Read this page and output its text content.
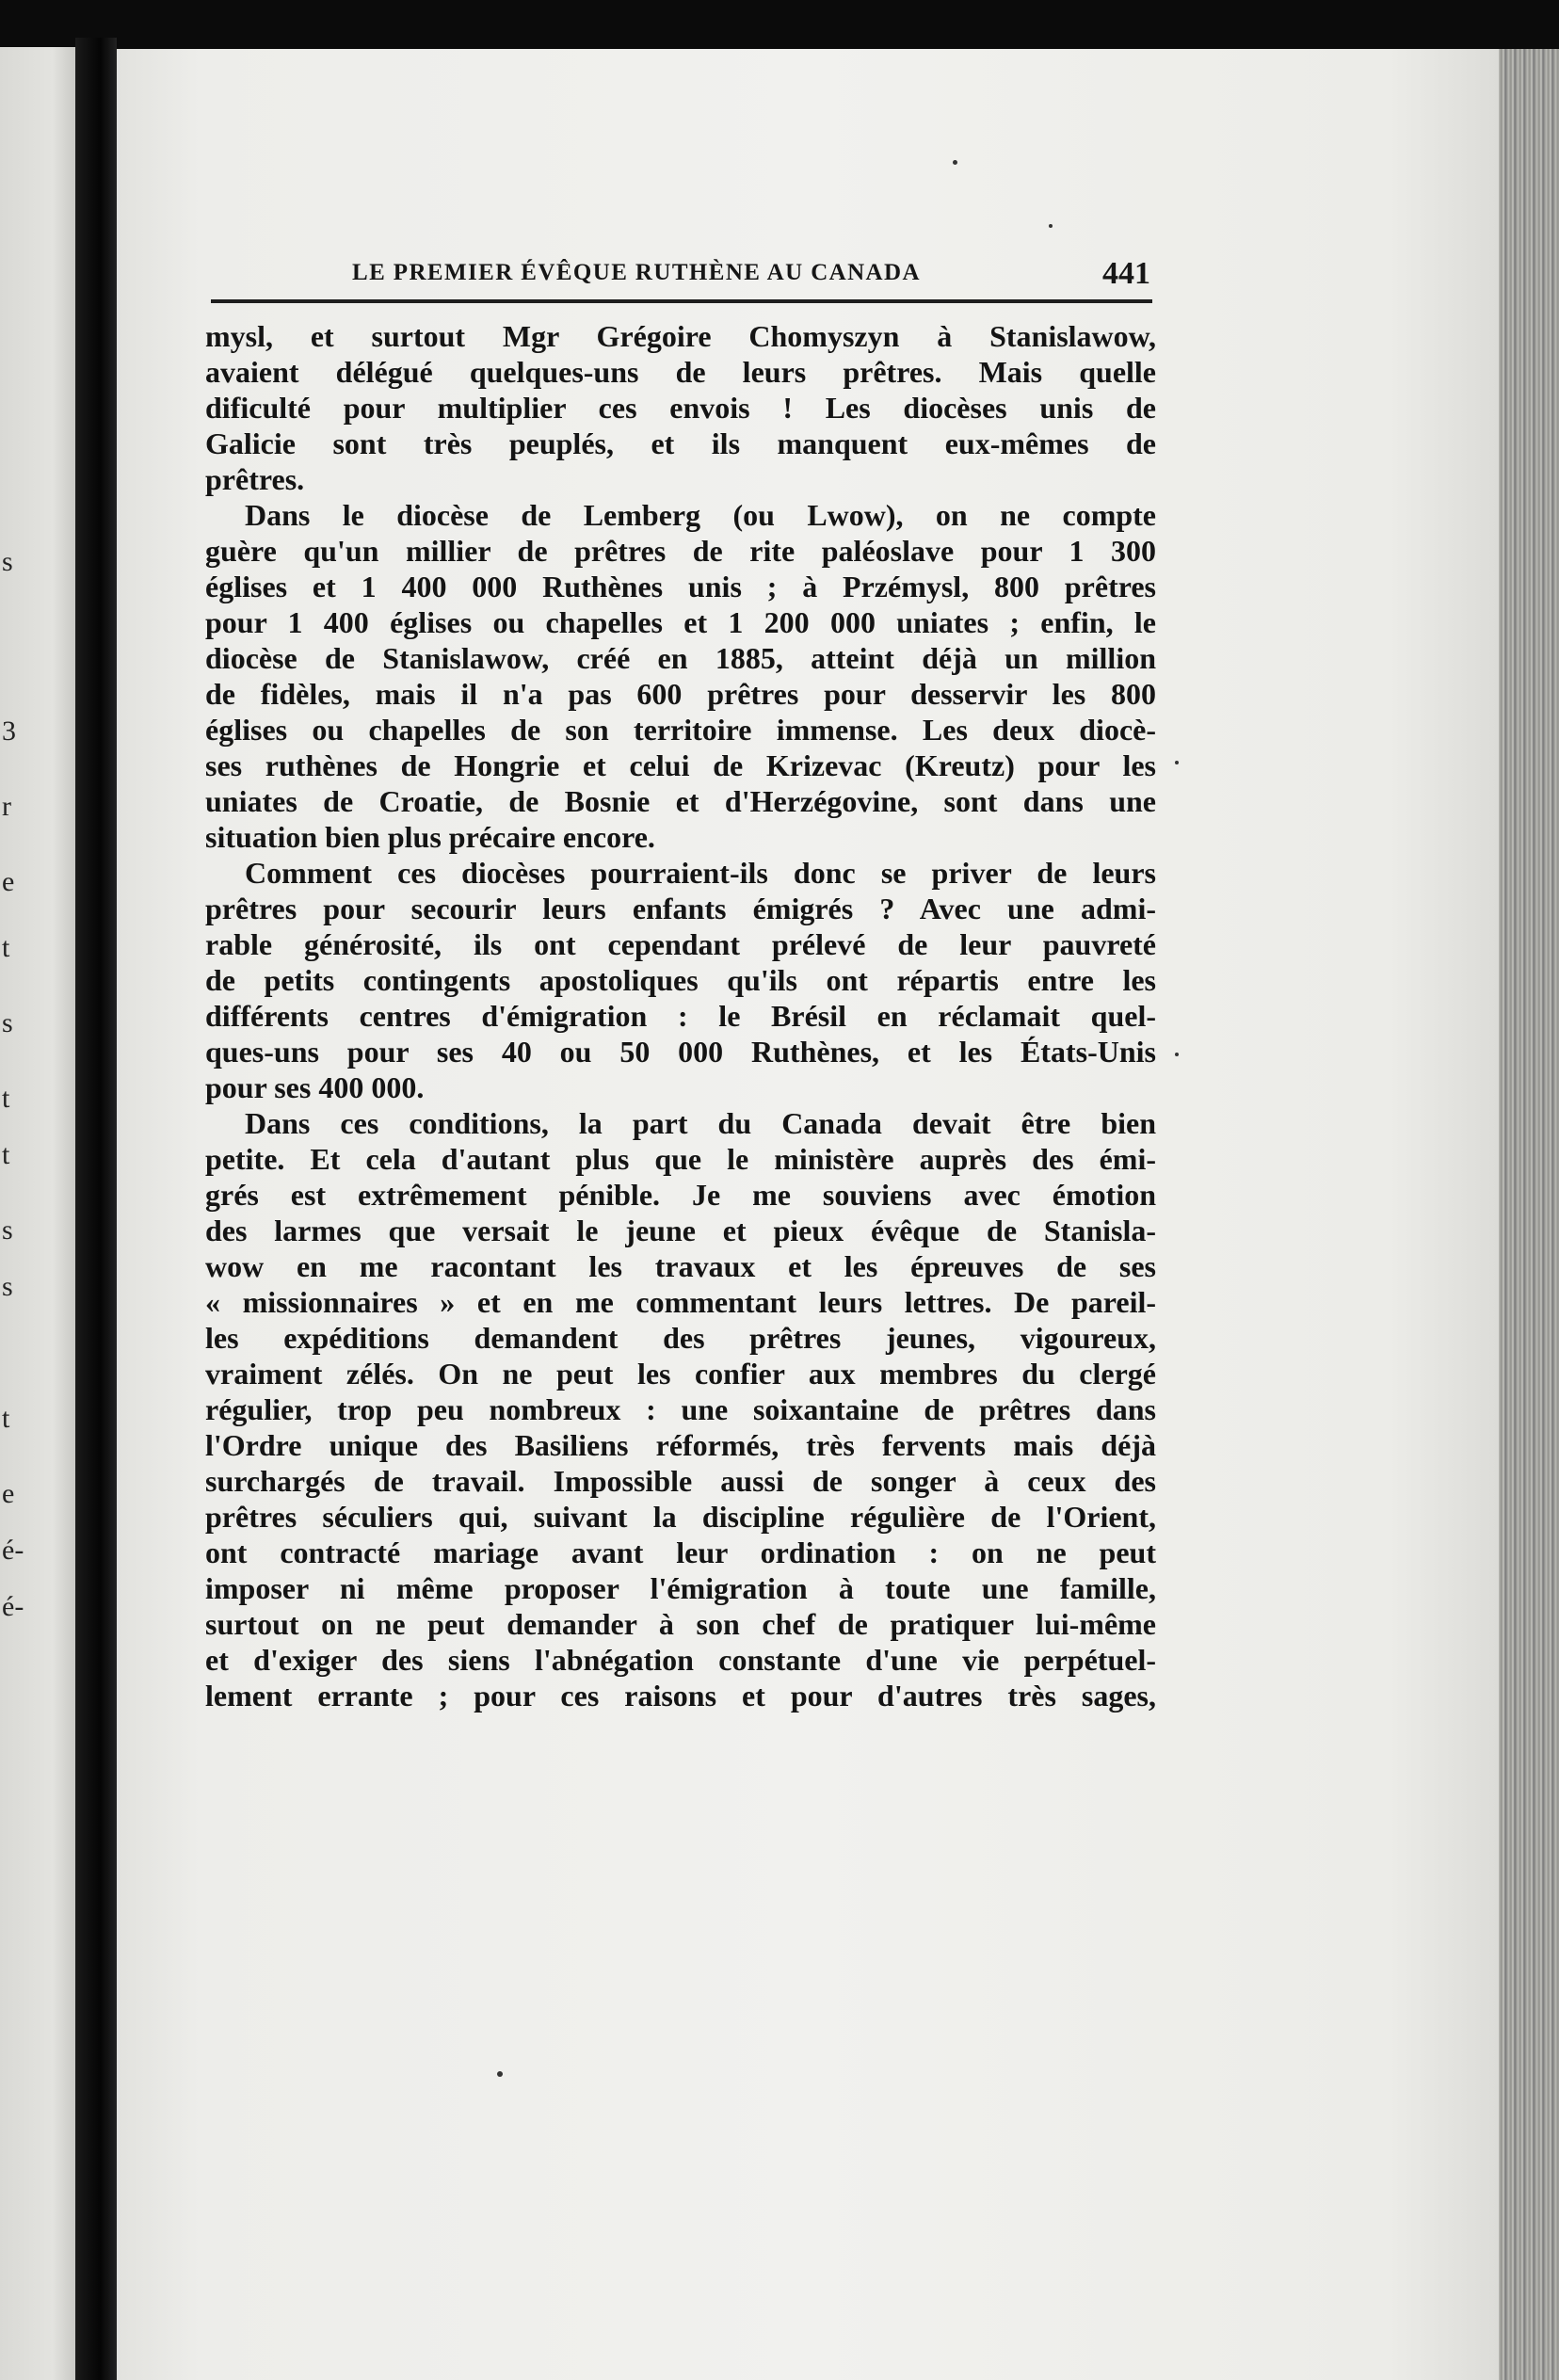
s
3
r
e
t
s
t
t
s
s
t
e
é-
é-
LE PREMIER ÉVÊQUE RUTHÈNE AU CANADA	441
mysl, et surtout Mgr Grégoire Chomyszyn à Stanislawow,
avaient délégué quelques-uns de leurs prêtres. Mais quelle
dificulté pour multiplier ces envois ! Les diocèses unis de
Galicie sont très peuplés, et ils manquent eux-mêmes de
prêtres.
Dans le diocèse de Lemberg (ou Lwow), on ne compte
guère qu'un millier de prêtres de rite paléoslave pour 1 300
églises et 1 400 000 Ruthènes unis ; à Przémysl, 800 prêtres
pour 1 400 églises ou chapelles et 1 200 000 uniates ; enfin, le
diocèse de Stanislawow, créé en 1885, atteint déjà un million
de fidèles, mais il n'a pas 600 prêtres pour desservir les 800
églises ou chapelles de son territoire immense. Les deux diocè-
ses ruthènes de Hongrie et celui de Krizevac (Kreutz) pour les
uniates de Croatie, de Bosnie et d'Herzégovine, sont dans une
situation bien plus précaire encore.
Comment ces diocèses pourraient-ils donc se priver de leurs
prêtres pour secourir leurs enfants émigrés ? Avec une admi-
rable générosité, ils ont cependant prélevé de leur pauvreté
de petits contingents apostoliques qu'ils ont répartis entre les
différents centres d'émigration : le Brésil en réclamait quel-
ques-uns pour ses 40 ou 50 000 Ruthènes, et les États-Unis
pour ses 400 000.
Dans ces conditions, la part du Canada devait être bien
petite. Et cela d'autant plus que le ministère auprès des émi-
grés est extrêmement pénible. Je me souviens avec émotion
des larmes que versait le jeune et pieux évêque de Stanisla-
wow en me racontant les travaux et les épreuves de ses
« missionnaires » et en me commentant leurs lettres. De pareil-
les expéditions demandent des prêtres jeunes, vigoureux,
vraiment zélés. On ne peut les confier aux membres du clergé
régulier, trop peu nombreux : une soixantaine de prêtres dans
l'Ordre unique des Basiliens réformés, très fervents mais déjà
surchargés de travail. Impossible aussi de songer à ceux des
prêtres séculiers qui, suivant la discipline régulière de l'Orient,
ont contracté mariage avant leur ordination : on ne peut
imposer ni même proposer l'émigration à toute une famille,
surtout on ne peut demander à son chef de pratiquer lui-même
et d'exiger des siens l'abnégation constante d'une vie perpétuel-
lement errante ; pour ces raisons et pour d'autres très sages,
